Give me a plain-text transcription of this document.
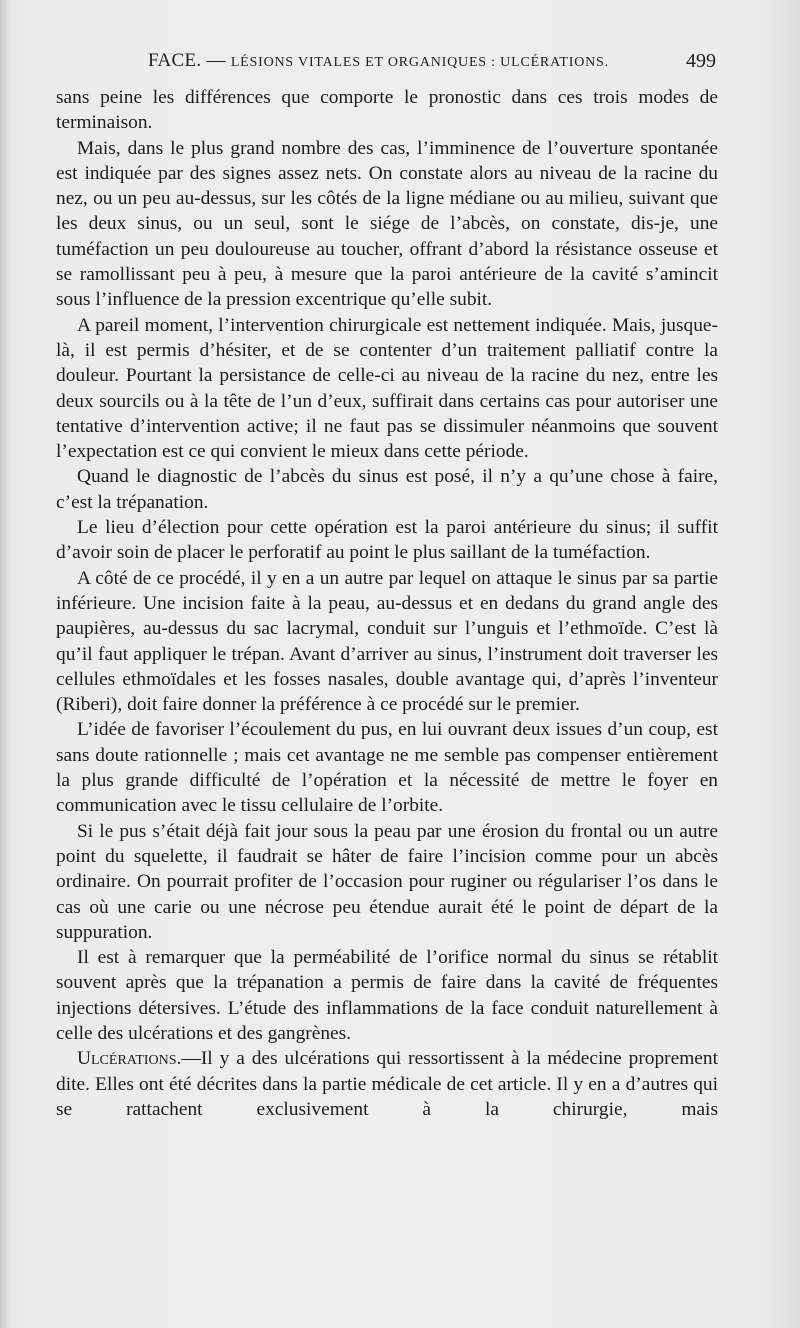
FACE. — LÉSIONS VITALES ET ORGANIQUES : ULCÉRATIONS.	499

sans peine les différences que comporte le pronostic dans ces trois modes de terminaison.

Mais, dans le plus grand nombre des cas, l’imminence de l’ouverture spontanée est indiquée par des signes assez nets. On constate alors au niveau de la racine du nez, ou un peu au-dessus, sur les côtés de la ligne médiane ou au milieu, suivant que les deux sinus, ou un seul, sont le siége de l’abcès, on constate, dis-je, une tuméfaction un peu douloureuse au toucher, offrant d’abord la résistance osseuse et se ramollissant peu à peu, à mesure que la paroi antérieure de la cavité s’amincit sous l’influence de la pression excentrique qu’elle subit.

A pareil moment, l’intervention chirurgicale est nettement indiquée. Mais, jusque-là, il est permis d’hésiter, et de se contenter d’un traitement palliatif contre la douleur. Pourtant la persistance de celle-ci au niveau de la racine du nez, entre les deux sourcils ou à la tête de l’un d’eux, suffirait dans certains cas pour autoriser une tentative d’intervention active; il ne faut pas se dissimuler néanmoins que souvent l’expectation est ce qui convient le mieux dans cette période.

Quand le diagnostic de l’abcès du sinus est posé, il n’y a qu’une chose à faire, c’est la trépanation.

Le lieu d’élection pour cette opération est la paroi antérieure du sinus; il suffit d’avoir soin de placer le perforatif au point le plus saillant de la tuméfaction.

A côté de ce procédé, il y en a un autre par lequel on attaque le sinus par sa partie inférieure. Une incision faite à la peau, au-dessus et en dedans du grand angle des paupières, au-dessus du sac lacrymal, conduit sur l’unguis et l’ethmoïde. C’est là qu’il faut appliquer le trépan. Avant d’arriver au sinus, l’instrument doit traverser les cellules ethmoïdales et les fosses nasales, double avantage qui, d’après l’inventeur (Riberi), doit faire donner la préférence à ce procédé sur le premier.

L’idée de favoriser l’écoulement du pus, en lui ouvrant deux issues d’un coup, est sans doute rationnelle ; mais cet avantage ne me semble pas compenser entièrement la plus grande difficulté de l’opération et la nécessité de mettre le foyer en communication avec le tissu cellulaire de l’orbite.

Si le pus s’était déjà fait jour sous la peau par une érosion du frontal ou un autre point du squelette, il faudrait se hâter de faire l’incision comme pour un abcès ordinaire. On pourrait profiter de l’occasion pour ruginer ou régulariser l’os dans le cas où une carie ou une nécrose peu étendue aurait été le point de départ de la suppuration.

Il est à remarquer que la perméabilité de l’orifice normal du sinus se rétablit souvent après que la trépanation a permis de faire dans la cavité de fréquentes injections détersives. L’étude des inflammations de la face conduit naturellement à celle des ulcérations et des gangrènes.

Ulcérations.—Il y a des ulcérations qui ressortissent à la médecine proprement dite. Elles ont été décrites dans la partie médicale de cet article. Il y en a d’autres qui se rattachent exclusivement à la chirurgie, mais
